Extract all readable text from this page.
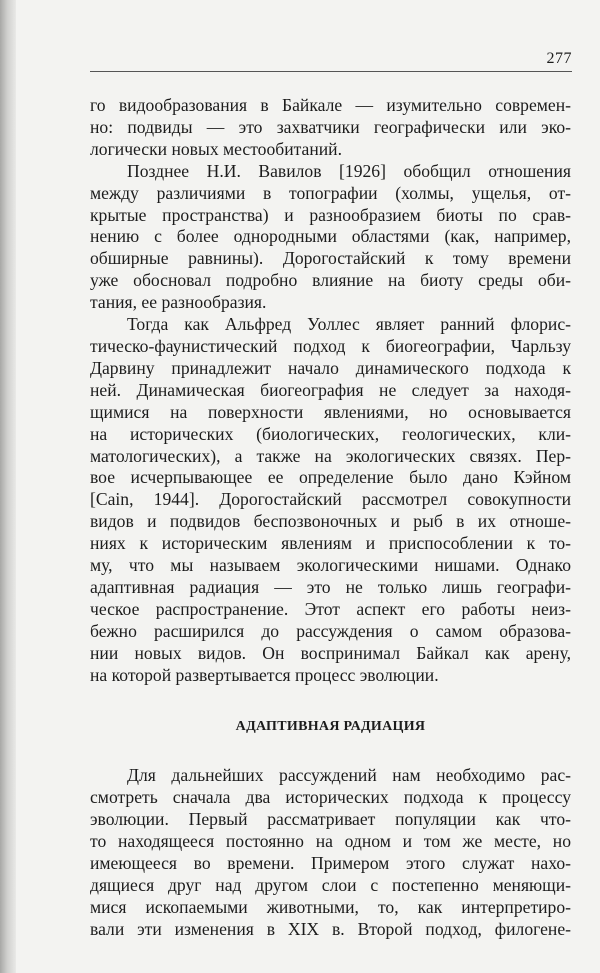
277
го видообразования в Байкале — изумительно современ-
но: подвиды — это захватчики географически или эко-
логически новых местообитаний.
Позднее Н.И. Вавилов [1926] обобщил отношения
между различиями в топографии (холмы, ущелья, от-
крытые пространства) и разнообразием биоты по срав-
нению с более однородными областями (как, например,
обширные равнины). Дорогостайский к тому времени
уже обосновал подробно влияние на биоту среды оби-
тания, ее разнообразия.
Тогда как Альфред Уоллес являет ранний флорис-
тическо-фаунистический подход к биогеографии, Чарльзу
Дарвину принадлежит начало динамического подхода к
ней. Динамическая биогеография не следует за находя-
щимися на поверхности явлениями, но основывается
на исторических (биологических, геологических, кли-
матологических), а также на экологических связях. Пер-
вое исчерпывающее ее определение было дано Кэйном
[Cain, 1944]. Дорогостайский рассмотрел совокупности
видов и подвидов беспозвоночных и рыб в их отноше-
ниях к историческим явлениям и приспособлении к то-
му, что мы называем экологическими нишами. Однако
адаптивная радиация — это не только лишь географи-
ческое распространение. Этот аспект его работы неиз-
бежно расширился до рассуждения о самом образова-
нии новых видов. Он воспринимал Байкал как арену,
на которой развертывается процесс эволюции.
АДАПТИВНАЯ РАДИАЦИЯ
Для дальнейших рассуждений нам необходимо рас-
смотреть сначала два исторических подхода к процессу
эволюции. Первый рассматривает популяции как что-
то находящееся постоянно на одном и том же месте, но
имеющееся во времени. Примером этого служат нахо-
дящиеся друг над другом слои с постепенно меняющи-
мися ископаемыми животными, то, как интерпретиро-
вали эти изменения в XIX в. Второй подход, филогене-
